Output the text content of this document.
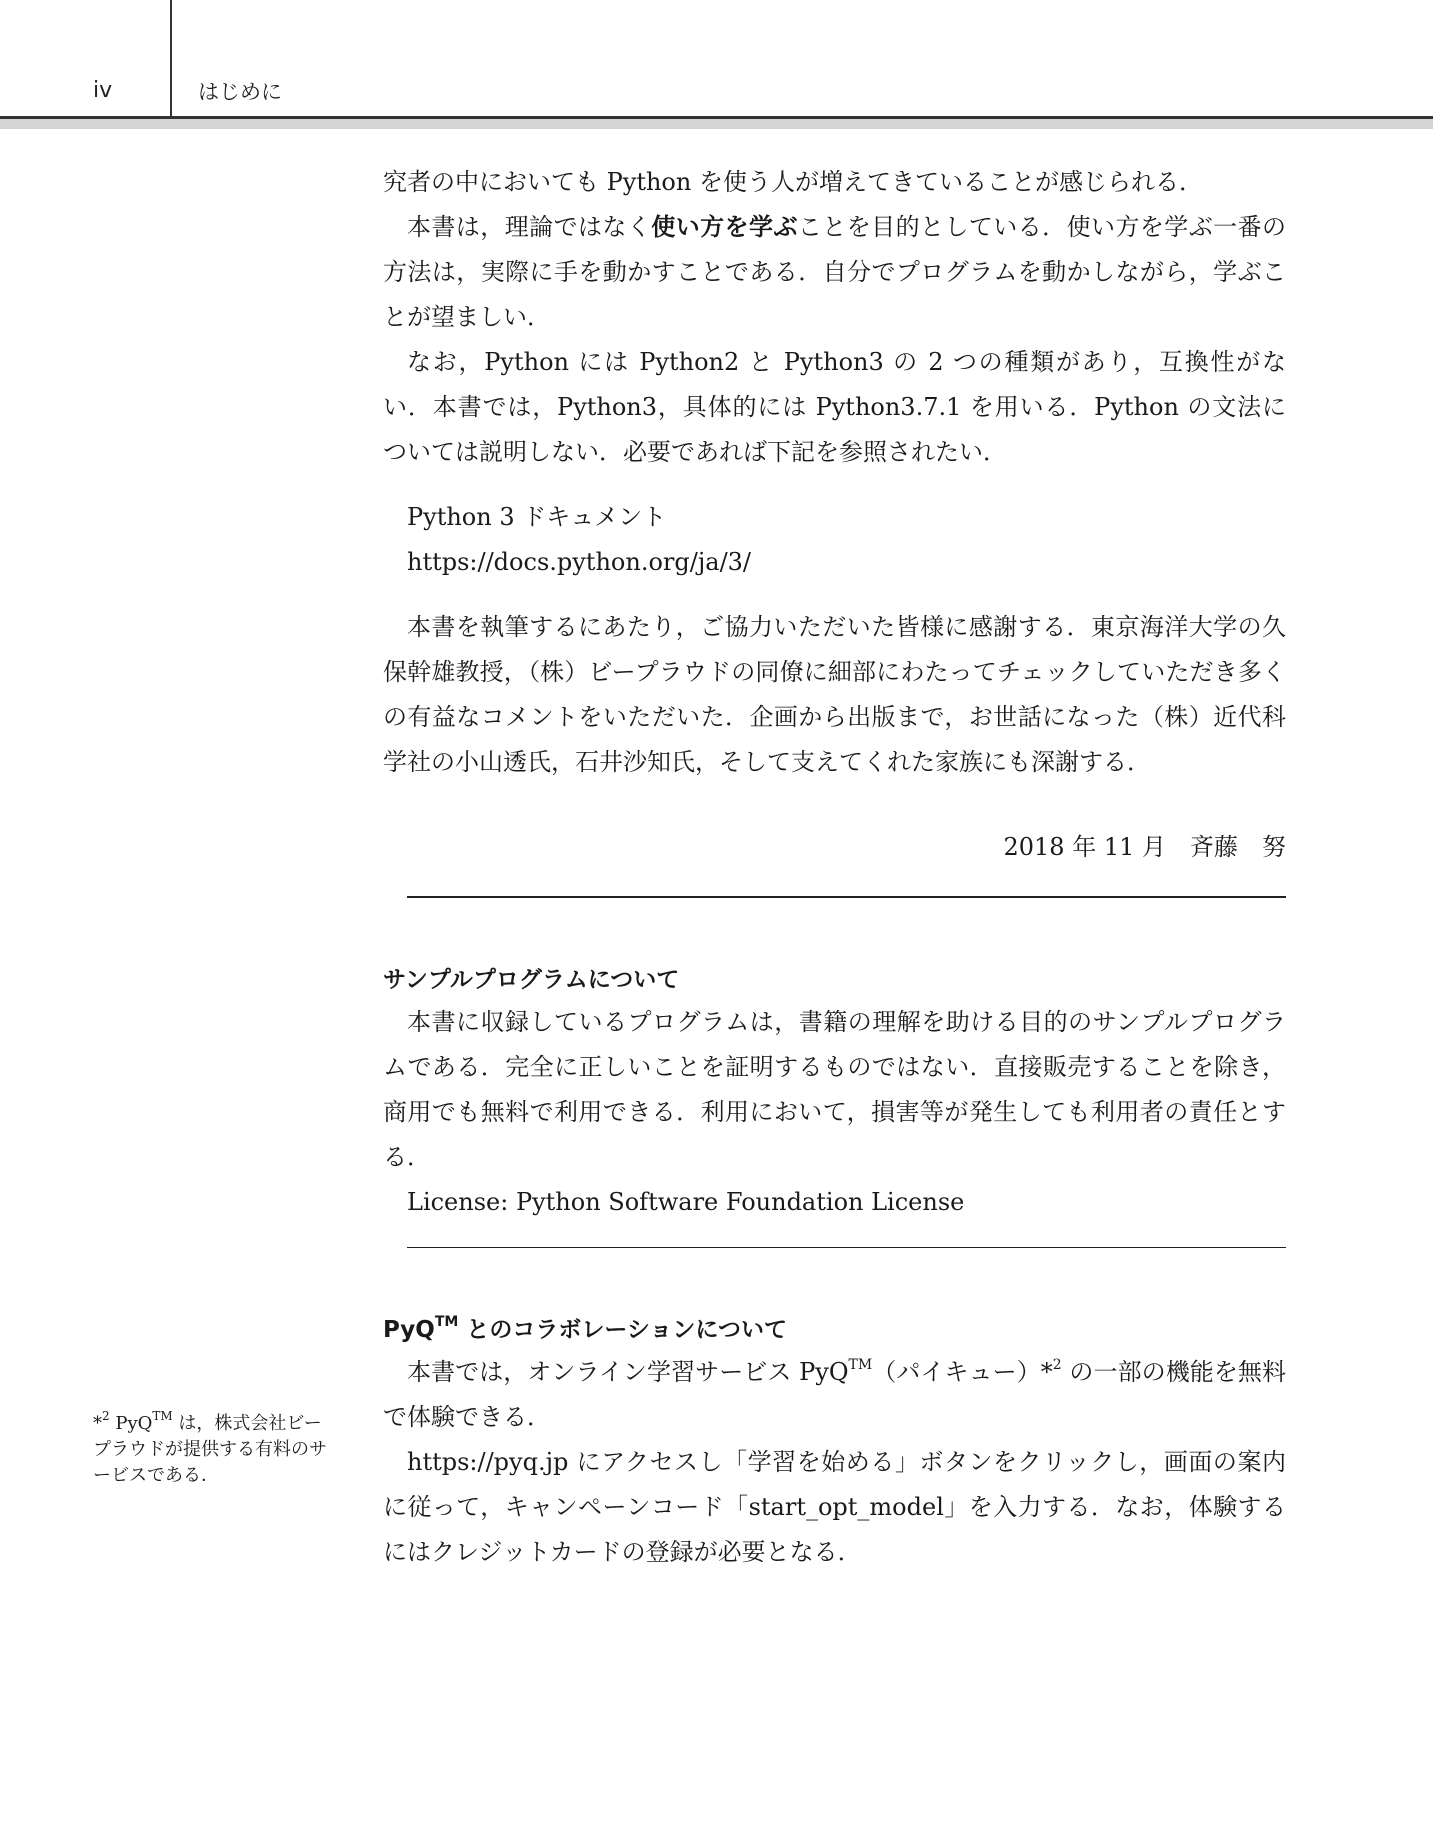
iv	はじめに

究者の中においても Python を使う人が増えてきていることが感じられる．

本書は，理論ではなく使い方を学ぶことを目的としている．使い方を学ぶ一番の方法は，実際に手を動かすことである．自分でプログラムを動かしながら，学ぶことが望ましい．

なお，Python には Python2 と Python3 の 2 つの種類があり，互換性がない．本書では，Python3，具体的には Python3.7.1 を用いる．Python の文法については説明しない．必要であれば下記を参照されたい．

Python 3 ドキュメント
https://docs.python.org/ja/3/

本書を執筆するにあたり，ご協力いただいた皆様に感謝する．東京海洋大学の久保幹雄教授，（株）ビープラウドの同僚に細部にわたってチェックしていただき多くの有益なコメントをいただいた．企画から出版まで，お世話になった（株）近代科学社の小山透氏，石井沙知氏，そして支えてくれた家族にも深謝する．

2018 年 11 月 斉藤　努
サンプルプログラムについて

本書に収録しているプログラムは，書籍の理解を助ける目的のサンプルプログラムである．完全に正しいことを証明するものではない．直接販売することを除き，商用でも無料で利用できる．利用において，損害等が発生しても利用者の責任とする．

License: Python Software Foundation License
PyQ™ とのコラボレーションについて

本書では，オンライン学習サービス PyQ™（パイキュー）*$^2$ の一部の機能を無料で体験できる．

https://pyq.jp にアクセスし「学習を始める」ボタンをクリックし，画面の案内に従って，キャンペーンコード「start_opt_model」を入力する．なお，体験するにはクレジットカードの登録が必要となる．

*$^2$ PyQ™ は，株式会社ビープラウドが提供する有料のサービスである．
